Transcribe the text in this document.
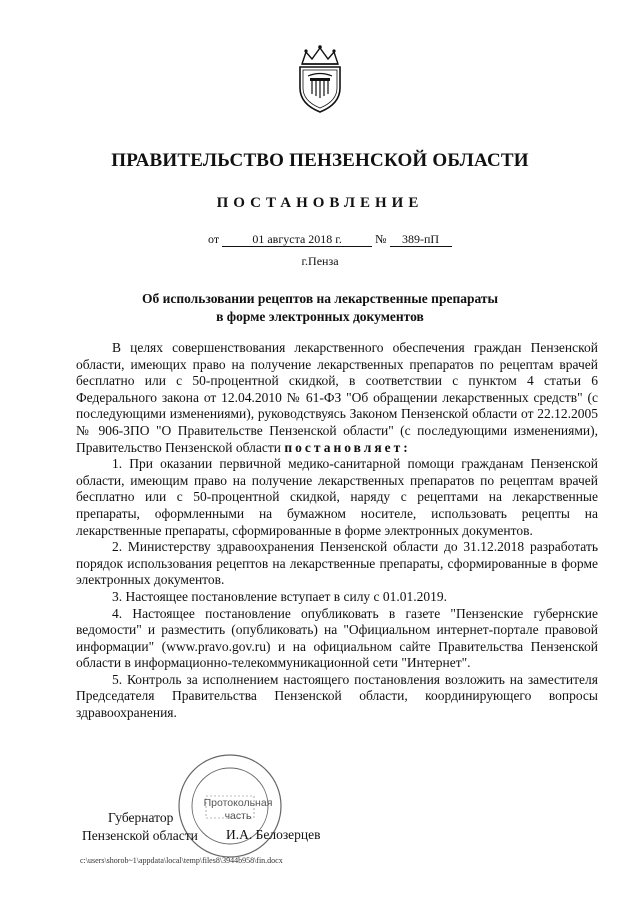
ПРАВИТЕЛЬСТВО ПЕНЗЕНСКОЙ ОБЛАСТИ
ПОСТАНОВЛЕНИЕ
от	01 августа 2018 г.	№ 389-пП
г.Пенза
Об использовании рецептов на лекарственные препараты
в форме электронных документов

В целях совершенствования лекарственного обеспечения граждан Пензенской области, имеющих право на получение лекарственных препаратов по рецептам врачей бесплатно или с 50-процентной скидкой, в соответствии с пунктом 4 статьи 6 Федерального закона от 12.04.2010 № 61-ФЗ "Об обращении лекарственных средств" (с последующими изменениями), руководствуясь Законом Пензенской области от 22.12.2005 № 906-ЗПО "О Правительстве Пензенской области" (с последующими изменениями), Правительство Пензенской области постановляет:

1. При оказании первичной медико-санитарной помощи гражданам Пензенской области, имеющим право на получение лекарственных препаратов по рецептам врачей бесплатно или с 50-процентной скидкой, наряду с рецептами на лекарственные препараты, оформленными на бумажном носителе, использовать рецепты на лекарственные препараты, сформированные в форме электронных документов.

2. Министерству здравоохранения Пензенской области до 31.12.2018 разработать порядок использования рецептов на лекарственные препараты, сформированные в форме электронных документов.

3. Настоящее постановление вступает в силу с 01.01.2019.

4. Настоящее постановление опубликовать в газете "Пензенские губернские ведомости" и разместить (опубликовать) на "Официальном интернет-портале правовой информации" (www.pravo.gov.ru) и на официальном сайте Правительства Пензенской области в информационно-телекоммуникационной сети "Интернет".

5. Контроль за исполнением настоящего постановления возложить на заместителя Председателя Правительства Пензенской области, координирующего вопросы здравоохранения.

Протокольная
часть
Губернатор
Пензенской области И.А. Белозерцев
c:\users\shorob~1\appdata\local\temp\files8\3944b958\fin.docx
